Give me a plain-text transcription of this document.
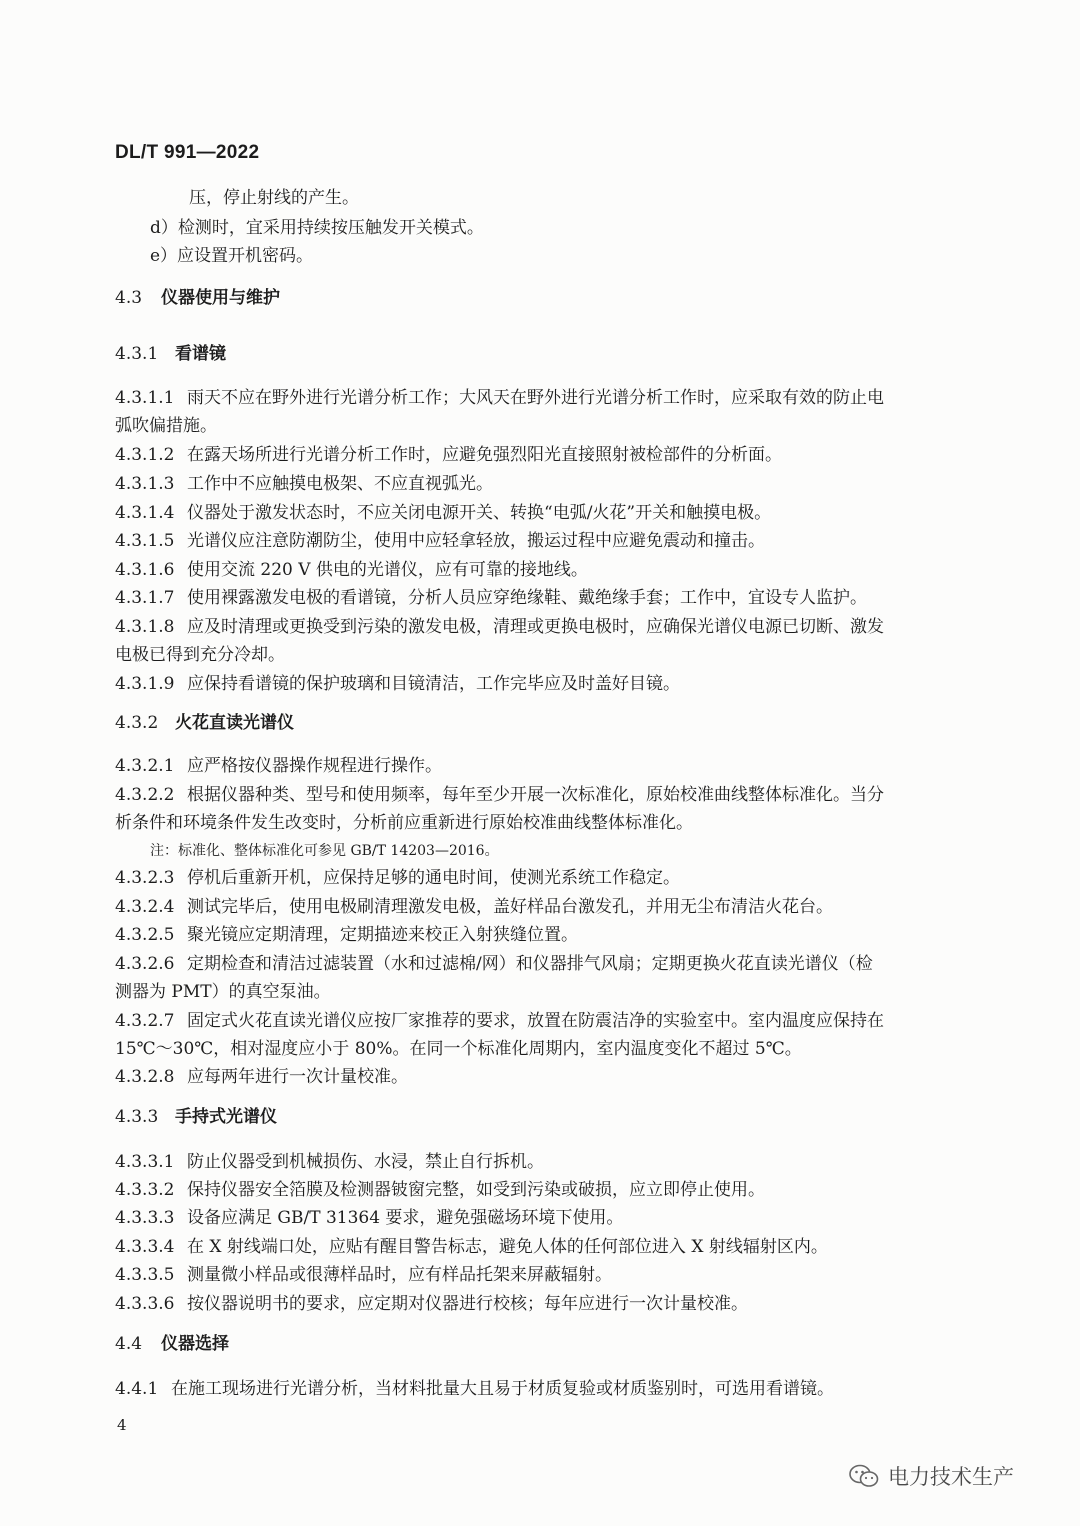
DL/T 991—2022
压，停止射线的产生。
d）检测时，宜采用持续按压触发开关模式。
e）应设置开机密码。
4.3 仪器使用与维护
4.3.1 看谱镜
4.3.1.1 雨天不应在野外进行光谱分析工作；大风天在野外进行光谱分析工作时，应采取有效的防止电
弧吹偏措施。
4.3.1.2 在露天场所进行光谱分析工作时，应避免强烈阳光直接照射被检部件的分析面。
4.3.1.3 工作中不应触摸电极架、不应直视弧光。
4.3.1.4 仪器处于激发状态时，不应关闭电源开关、转换“电弧/火花”开关和触摸电极。
4.3.1.5 光谱仪应注意防潮防尘，使用中应轻拿轻放，搬运过程中应避免震动和撞击。
4.3.1.6 使用交流 220 V 供电的光谱仪，应有可靠的接地线。
4.3.1.7 使用裸露激发电极的看谱镜，分析人员应穿绝缘鞋、戴绝缘手套；工作中，宜设专人监护。
4.3.1.8 应及时清理或更换受到污染的激发电极，清理或更换电极时，应确保光谱仪电源已切断、激发
电极已得到充分冷却。
4.3.1.9 应保持看谱镜的保护玻璃和目镜清洁，工作完毕应及时盖好目镜。
4.3.2 火花直读光谱仪
4.3.2.1 应严格按仪器操作规程进行操作。
4.3.2.2 根据仪器种类、型号和使用频率，每年至少开展一次标准化，原始校准曲线整体标准化。当分
析条件和环境条件发生改变时，分析前应重新进行原始校准曲线整体标准化。
注：标准化、整体标准化可参见 GB/T 14203—2016。
4.3.2.3 停机后重新开机，应保持足够的通电时间，使测光系统工作稳定。
4.3.2.4 测试完毕后，使用电极刷清理激发电极，盖好样品台激发孔，并用无尘布清洁火花台。
4.3.2.5 聚光镜应定期清理，定期描迹来校正入射狭缝位置。
4.3.2.6 定期检查和清洁过滤装置（水和过滤棉/网）和仪器排气风扇；定期更换火花直读光谱仪（检
测器为 PMT）的真空泵油。
4.3.2.7 固定式火花直读光谱仪应按厂家推荐的要求，放置在防震洁净的实验室中。室内温度应保持在
15℃～30℃，相对湿度应小于 80%。在同一个标准化周期内，室内温度变化不超过 5℃。
4.3.2.8 应每两年进行一次计量校准。
4.3.3 手持式光谱仪
4.3.3.1 防止仪器受到机械损伤、水浸，禁止自行拆机。
4.3.3.2 保持仪器安全箔膜及检测器铍窗完整，如受到污染或破损，应立即停止使用。
4.3.3.3 设备应满足 GB/T 31364 要求，避免强磁场环境下使用。
4.3.3.4 在 X 射线端口处，应贴有醒目警告标志，避免人体的任何部位进入 X 射线辐射区内。
4.3.3.5 测量微小样品或很薄样品时，应有样品托架来屏蔽辐射。
4.3.3.6 按仪器说明书的要求，应定期对仪器进行校核；每年应进行一次计量校准。
4.4 仪器选择
4.4.1 在施工现场进行光谱分析，当材料批量大且易于材质复验或材质鉴别时，可选用看谱镜。
4
电力技术生产
